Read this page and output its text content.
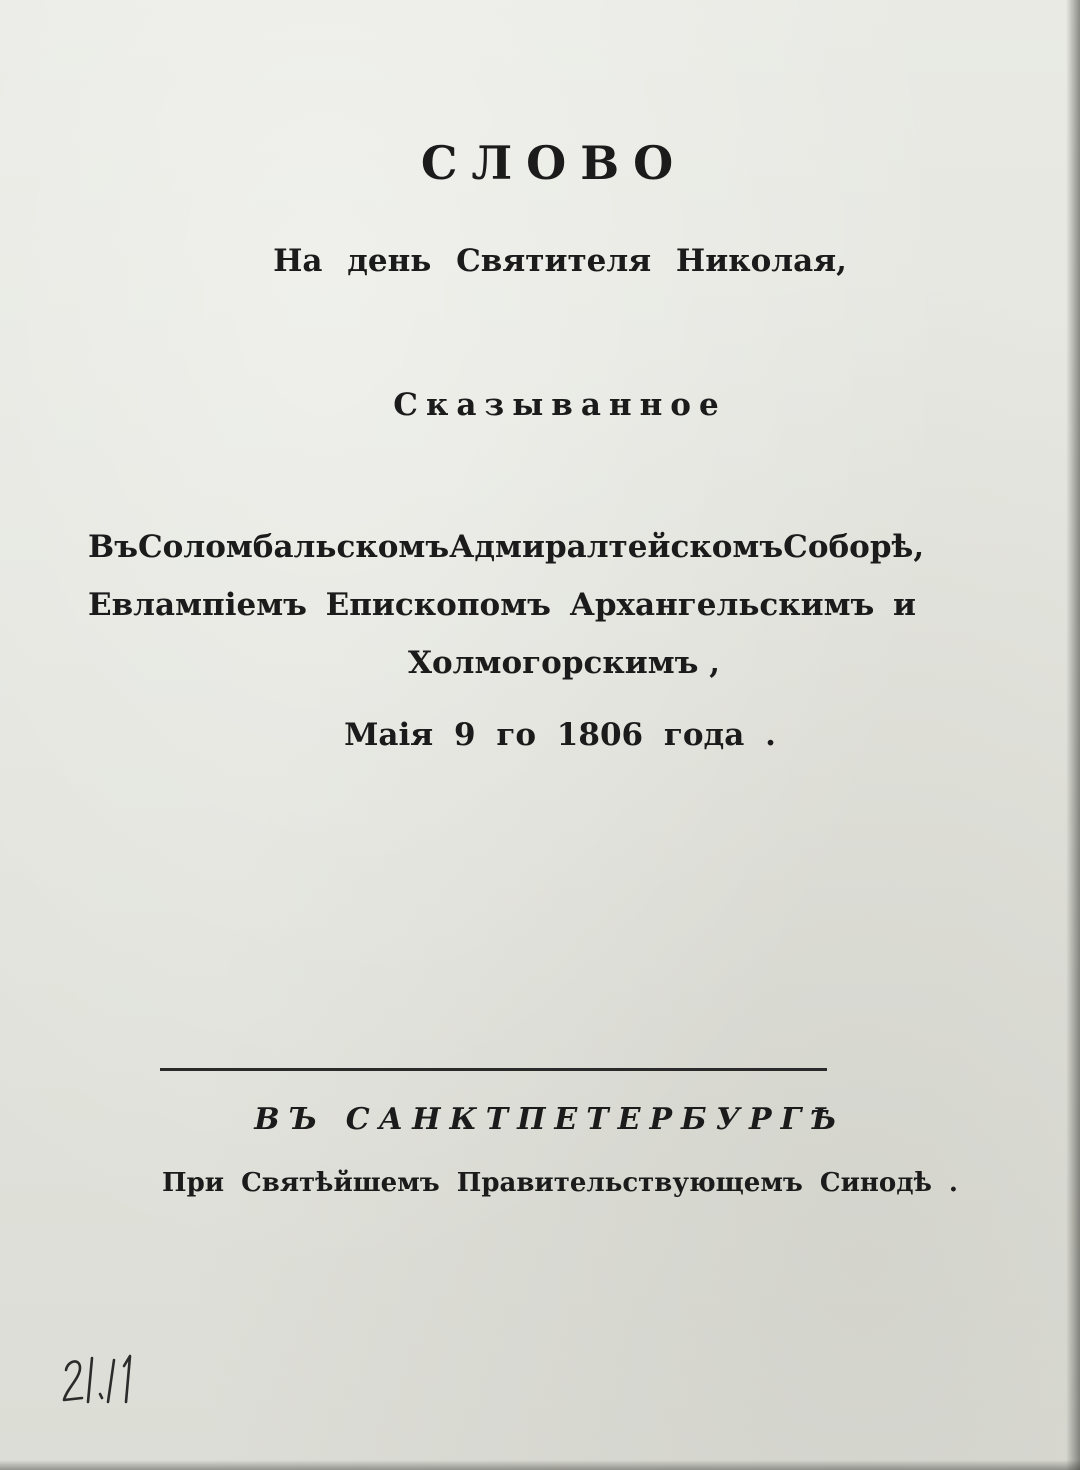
СЛОВО
На день Святителя Николая,
Сказыванное
Въ Соломбальскомъ Адмиралтейскомъ Соборѣ ,
Евлампіемъ Епископомъ Архангельскимъ и
Холмогорскимъ ,
Маія 9 го 1806 года .
ВЪ САНКТПЕТЕРБУРГѢ
При Святѣйшемъ Правительствующемъ Синодѣ .
